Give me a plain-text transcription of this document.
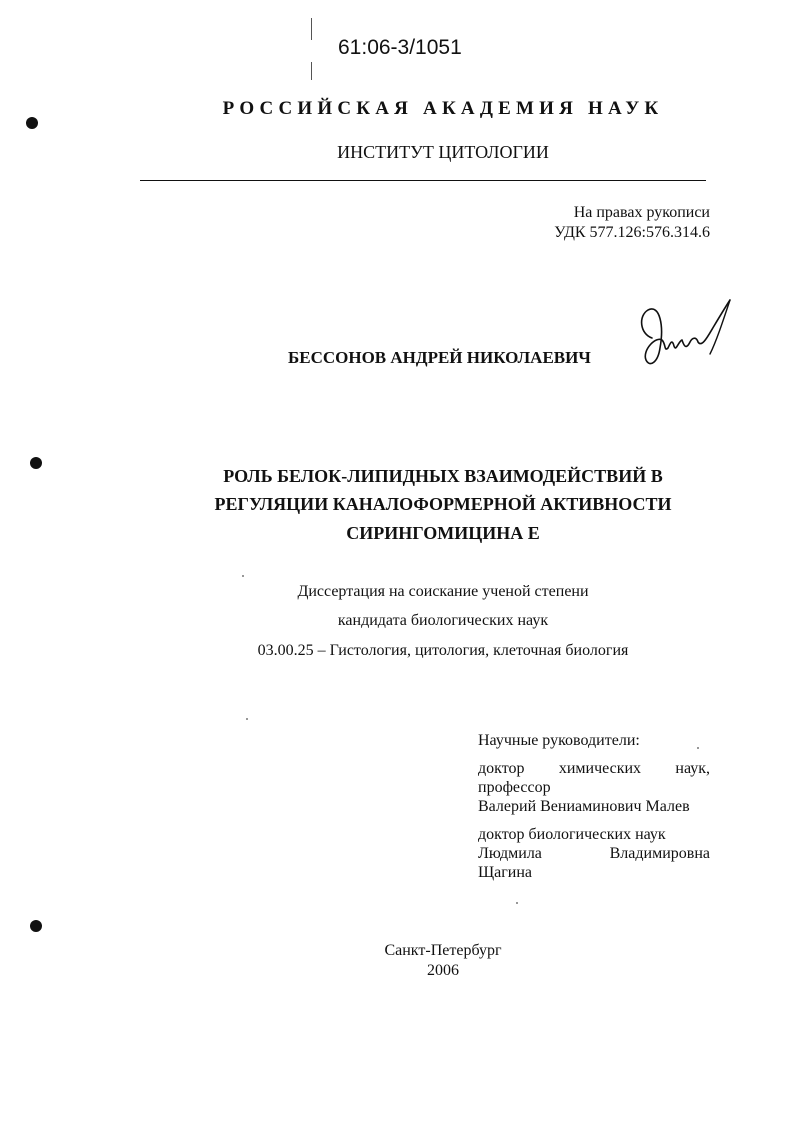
61:06-3/1051
РОССИЙСКАЯ АКАДЕМИЯ НАУК
ИНСТИТУТ ЦИТОЛОГИИ
На правах рукописи
УДК 577.126:576.314.6
БЕССОНОВ АНДРЕЙ НИКОЛАЕВИЧ
РОЛЬ БЕЛОК-ЛИПИДНЫХ ВЗАИМОДЕЙСТВИЙ В
РЕГУЛЯЦИИ КАНАЛОФОРМЕРНОЙ АКТИВНОСТИ
СИРИНГОМИЦИНА Е
Диссертация на соискание ученой степени
кандидата биологических наук
03.00.25 – Гистология, цитология, клеточная биология
Научные руководители:
доктор химических наук,
профессор
Валерий Вениаминович Малев
доктор биологических наук
Людмила	Владимировна
Щагина
Санкт-Петербург
2006
